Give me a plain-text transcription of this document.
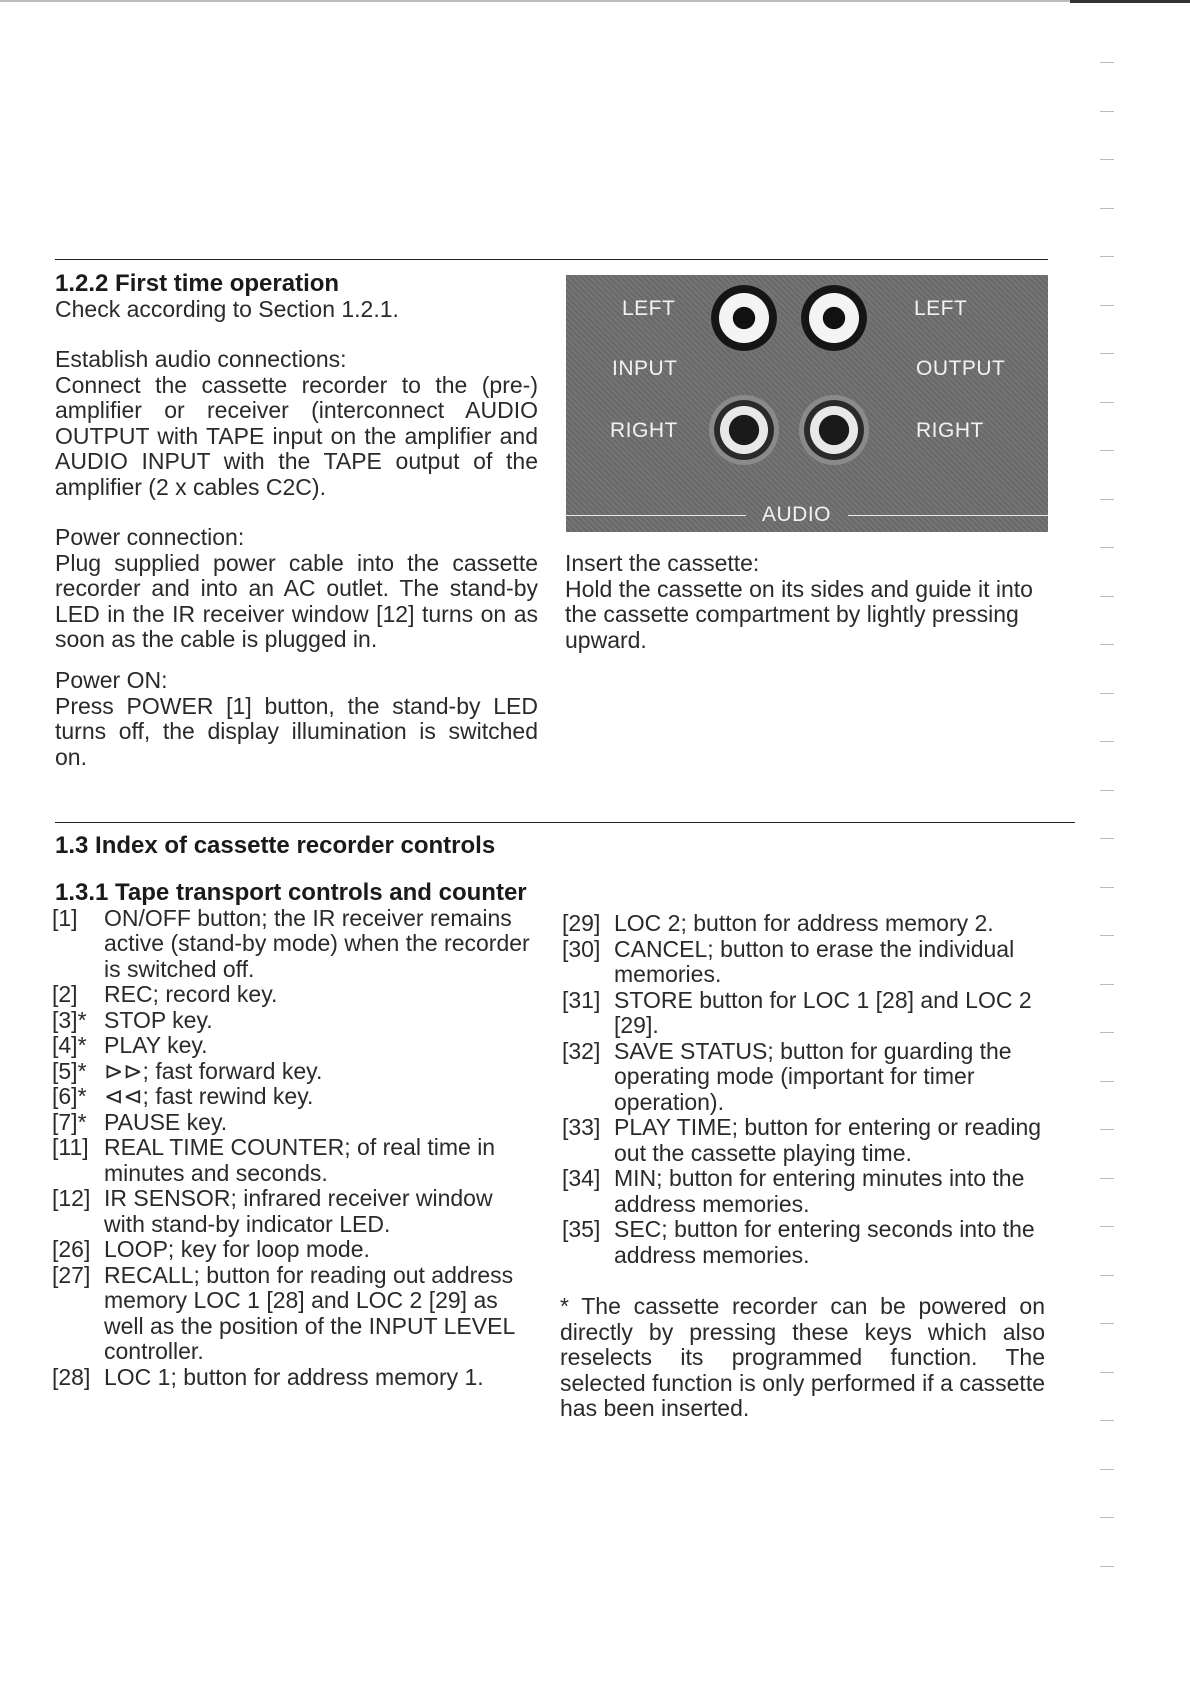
1.2.2 First time operation
Check according to Section 1.2.1.
Establish audio connections:
Connect the cassette recorder to the (pre-) amplifier or receiver (interconnect AUDIO OUTPUT with TAPE input on the amplifier and AUDIO INPUT with the TAPE output of the amplifier (2 x cables C2C).
Power connection:
Plug supplied power cable into the cassette recorder and into an AC outlet. The stand-by LED in the IR receiver window [12] turns on as soon as the cable is plugged in.
Power ON:
Press POWER [1] button, the stand-by LED turns off, the display illumination is switched on.
LEFT	LEFT
INPUT	OUTPUT
RIGHT	RIGHT
AUDIO
Insert the cassette:
Hold the cassette on its sides and guide it into the cassette compartment by lightly pressing upward.
1.3 Index of cassette recorder controls
1.3.1 Tape transport controls and counter
[1]	ON/OFF button; the IR receiver remains active (stand-by mode) when the recorder is switched off.
[2]	REC; record key.
[3]* STOP key.
[4]* PLAY key.
[5]* ⊳⊳; fast forward key.
[6]* ⊲⊲; fast rewind key.
[7]* PAUSE key.
[11] REAL TIME COUNTER; of real time in minutes and seconds.
[12] IR SENSOR; infrared receiver window with stand-by indicator LED.
[26] LOOP; key for loop mode.
[27] RECALL; button for reading out address memory LOC 1 [28] and LOC 2 [29] as well as the position of the INPUT LEVEL controller.
[28] LOC 1; button for address memory 1.
[29] LOC 2; button for address memory 2.
[30] CANCEL; button to erase the individual memories.
[31] STORE button for LOC 1 [28] and LOC 2 [29].
[32] SAVE STATUS; button for guarding the operating mode (important for timer operation).
[33] PLAY TIME; button for entering or reading out the cassette playing time.
[34] MIN; button for entering minutes into the address memories.
[35] SEC; button for entering seconds into the address memories.
* The cassette recorder can be powered on directly by pressing these keys which also reselects its programmed function. The selected function is only performed if a cassette has been inserted.
